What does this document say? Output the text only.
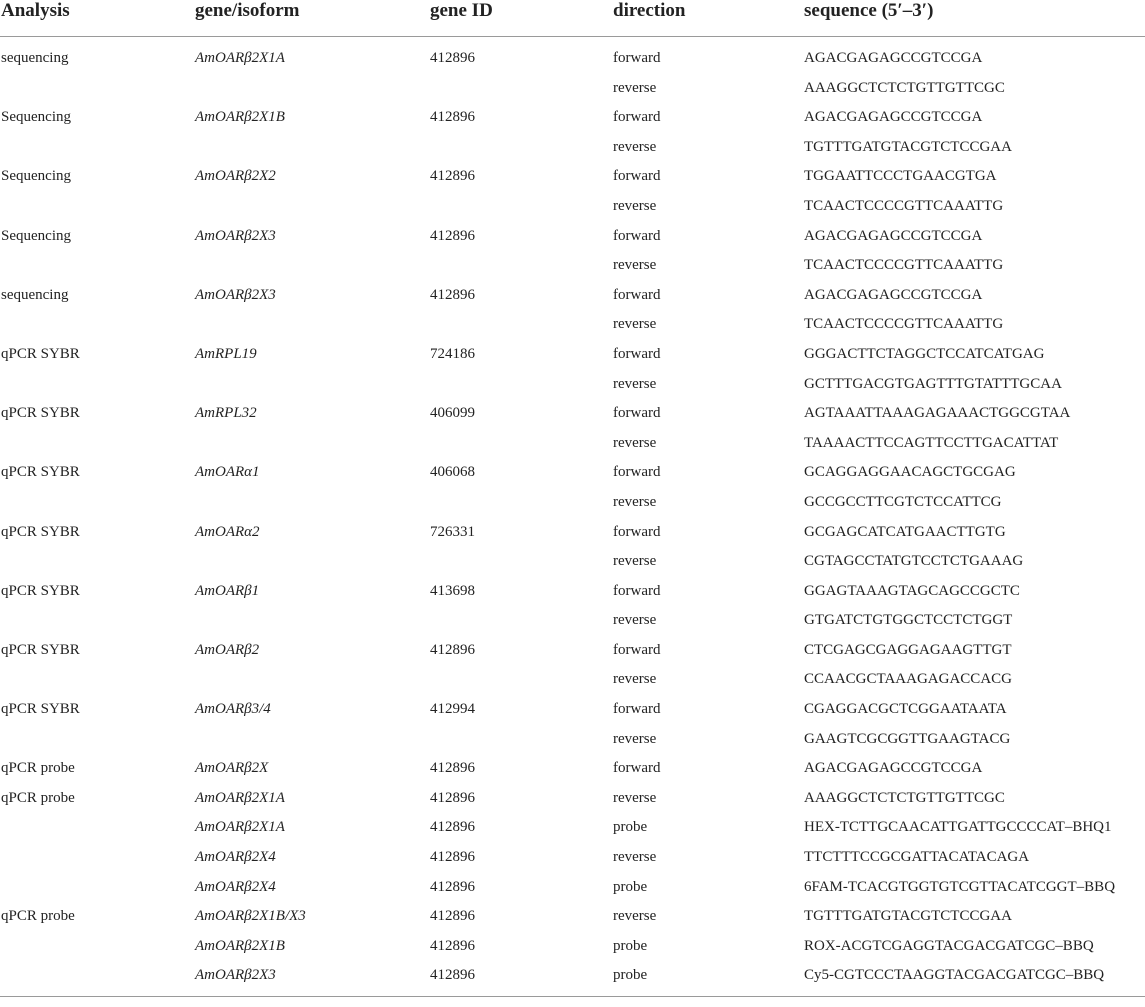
Analysis	gene/isoform	gene ID	direction	sequence (5′–3′)

sequencing	AmOARβ2X1A	412896	forward	AGACGAGAGCCGTCCGA
			reverse	AAAGGCTCTCTGTTGTTCGC
Sequencing	AmOARβ2X1B	412896	forward	AGACGAGAGCCGTCCGA
			reverse	TGTTTGATGTACGTCTCCGAA
Sequencing	AmOARβ2X2	412896	forward	TGGAATTCCCTGAACGTGA
			reverse	TCAACTCCCCGTTCAAATTG
Sequencing	AmOARβ2X3	412896	forward	AGACGAGAGCCGTCCGA
			reverse	TCAACTCCCCGTTCAAATTG
sequencing	AmOARβ2X3	412896	forward	AGACGAGAGCCGTCCGA
			reverse	TCAACTCCCCGTTCAAATTG
qPCR SYBR	AmRPL19	724186	forward	GGGACTTCTAGGCTCCATCATGAG
			reverse	GCTTTGACGTGAGTTTGTATTTGCAA
qPCR SYBR	AmRPL32	406099	forward	AGTAAATTAAAGAGAAACTGGCGTAA
			reverse	TAAAACTTCCAGTTCCTTGACATTAT
qPCR SYBR	AmOARα1	406068	forward	GCAGGAGGAACAGCTGCGAG
			reverse	GCCGCCTTCGTCTCCATTCG
qPCR SYBR	AmOARα2	726331	forward	GCGAGCATCATGAACTTGTG
			reverse	CGTAGCCTATGTCCTCTGAAAG
qPCR SYBR	AmOARβ1	413698	forward	GGAGTAAAGTAGCAGCCGCTC
			reverse	GTGATCTGTGGCTCCTCTGGT
qPCR SYBR	AmOARβ2	412896	forward	CTCGAGCGAGGAGAAGTTGT
			reverse	CCAACGCTAAAGAGACCACG
qPCR SYBR	AmOARβ3/4	412994	forward	CGAGGACGCTCGGAATAATA
			reverse	GAAGTCGCGGTTGAAGTACG
qPCR probe	AmOARβ2X	412896	forward	AGACGAGAGCCGTCCGA
qPCR probe	AmOARβ2X1A	412896	reverse	AAAGGCTCTCTGTTGTTCGC
	AmOARβ2X1A	412896	probe	HEX-TCTTGCAACATTGATTGCCCCAT–BHQ1
	AmOARβ2X4	412896	reverse	TTCTTTCCGCGATTACATACAGA
	AmOARβ2X4	412896	probe	6FAM-TCACGTGGTGTCGTTACATCGGT–BBQ
qPCR probe	AmOARβ2X1B/X3	412896	reverse	TGTTTGATGTACGTCTCCGAA
	AmOARβ2X1B	412896	probe	ROX-ACGTCGAGGTACGACGATCGC–BBQ
	AmOARβ2X3	412896	probe	Cy5-CGTCCCTAAGGTACGACGATCGC–BBQ
